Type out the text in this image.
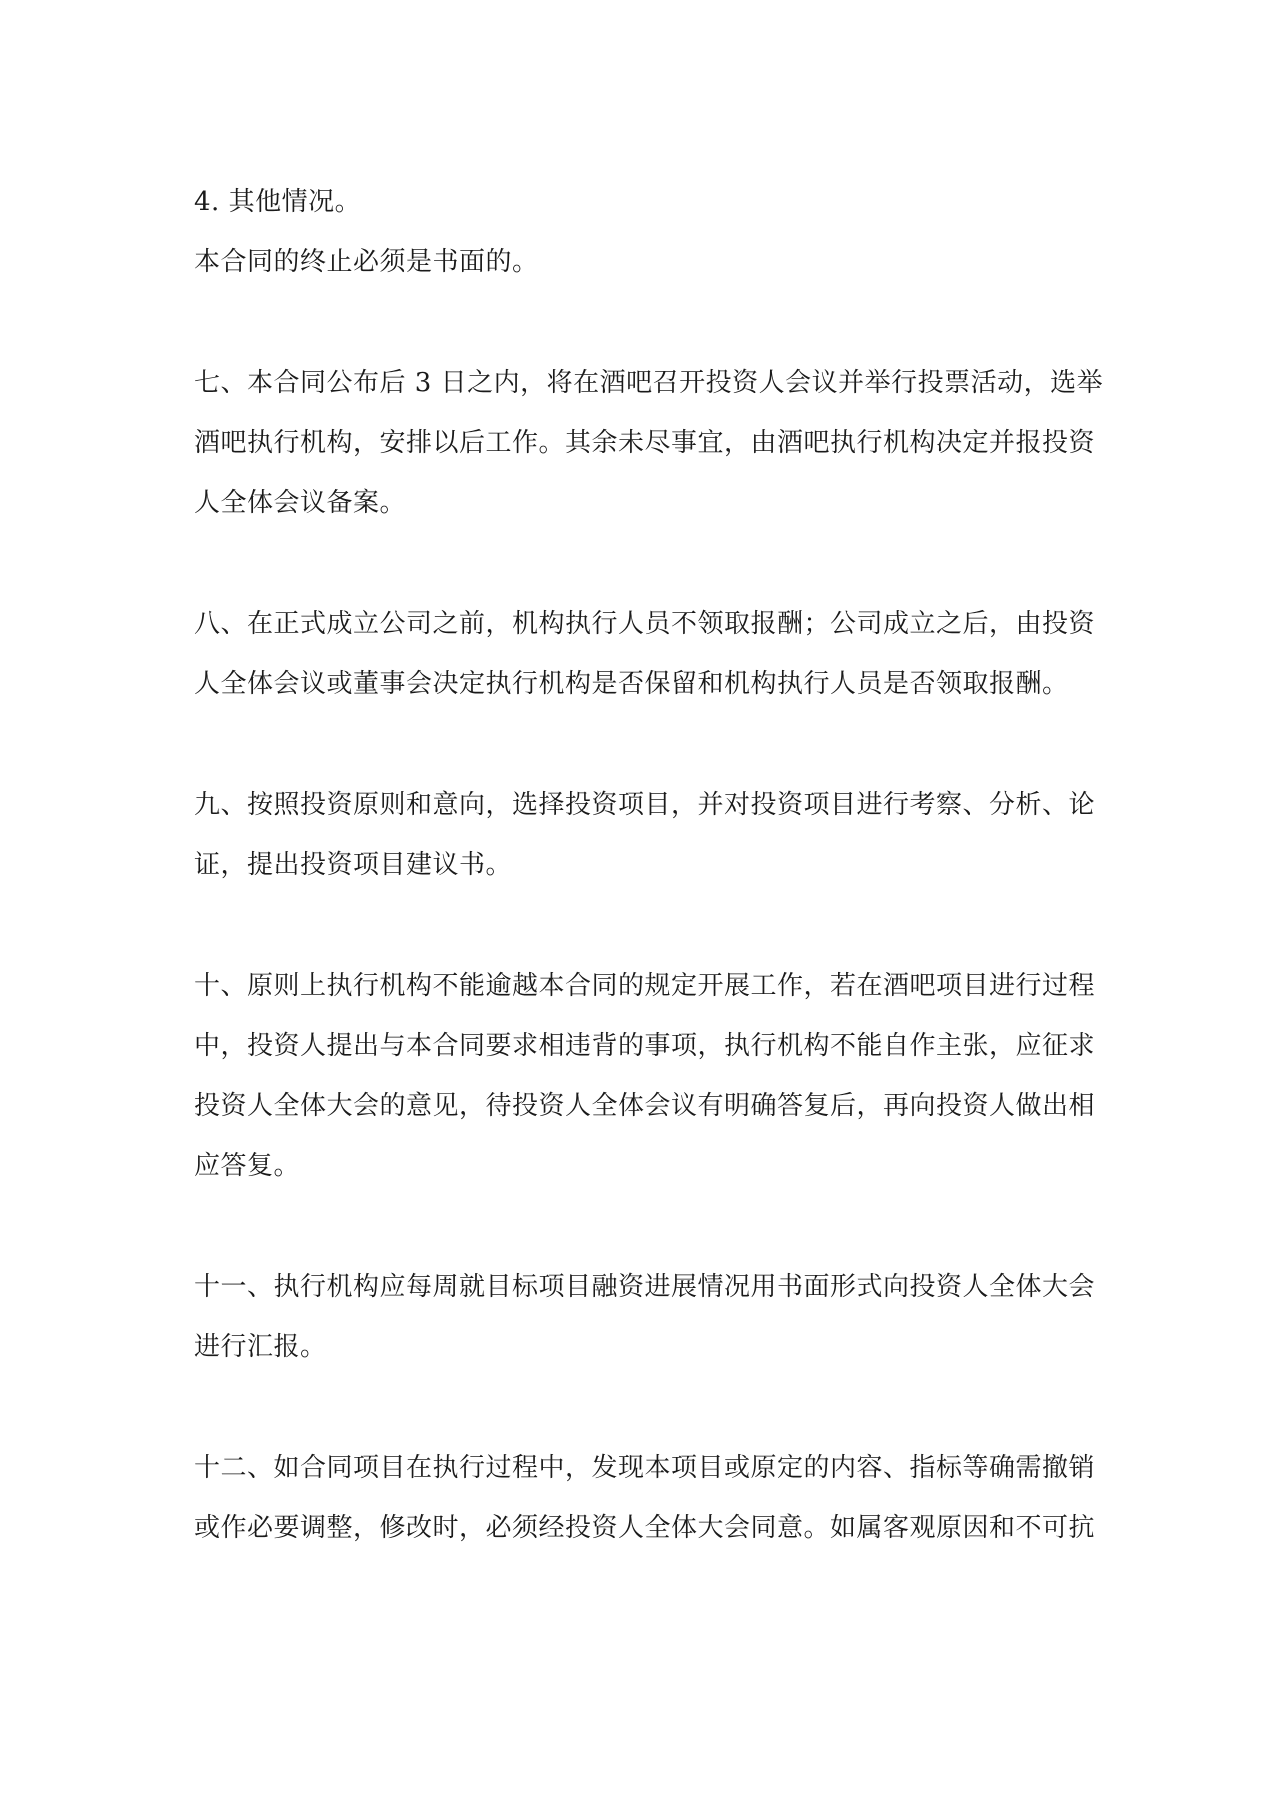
4. 其他情况。
本合同的终止必须是书面的。
七、本合同公布后 3 日之内，将在酒吧召开投资人会议并举行投票活动，选举
酒吧执行机构，安排以后工作。其余未尽事宜，由酒吧执行机构决定并报投资
人全体会议备案。
八、在正式成立公司之前，机构执行人员不领取报酬；公司成立之后，由投资
人全体会议或董事会决定执行机构是否保留和机构执行人员是否领取报酬。
九、按照投资原则和意向，选择投资项目，并对投资项目进行考察、分析、论
证，提出投资项目建议书。
十、原则上执行机构不能逾越本合同的规定开展工作，若在酒吧项目进行过程
中，投资人提出与本合同要求相违背的事项，执行机构不能自作主张，应征求
投资人全体大会的意见，待投资人全体会议有明确答复后，再向投资人做出相
应答复。
十一、执行机构应每周就目标项目融资进展情况用书面形式向投资人全体大会
进行汇报。
十二、如合同项目在执行过程中，发现本项目或原定的内容、指标等确需撤销
或作必要调整，修改时，必须经投资人全体大会同意。如属客观原因和不可抗
